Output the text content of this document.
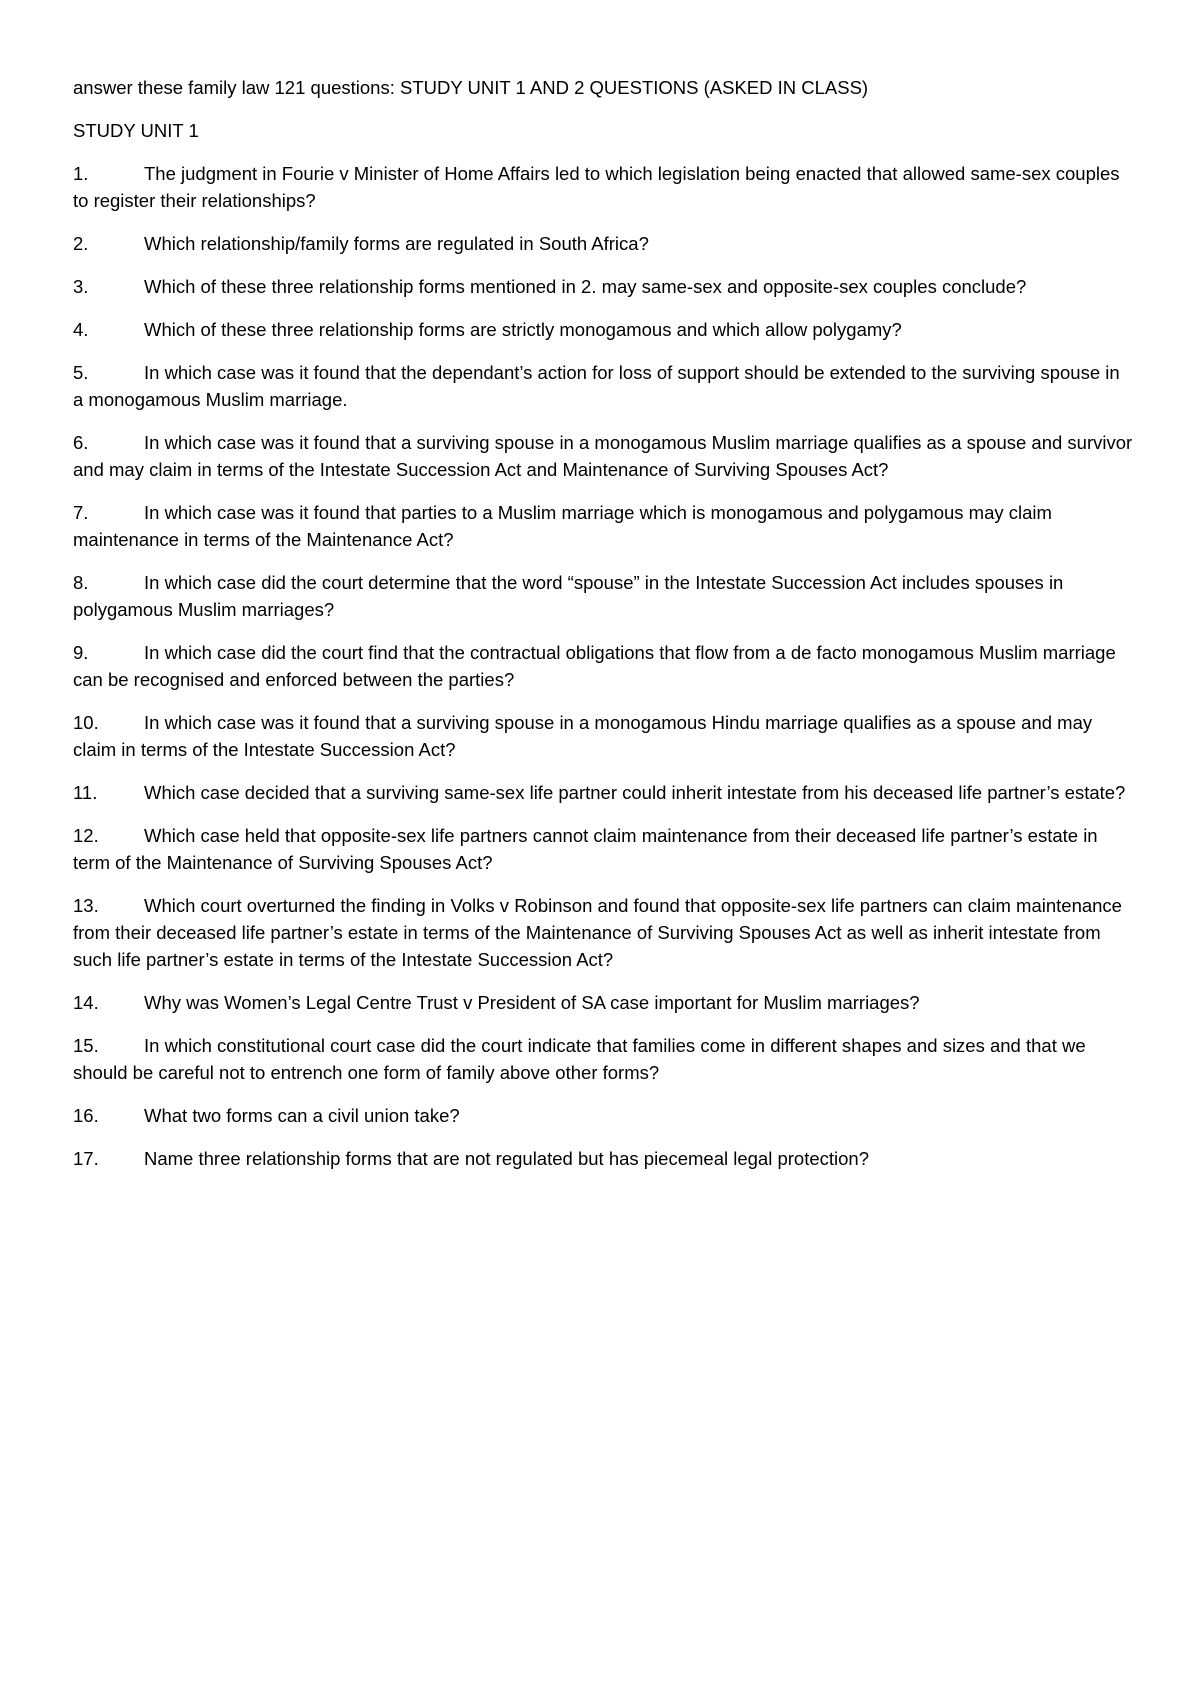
answer these family law 121 questions: STUDY UNIT 1 AND 2 QUESTIONS (ASKED IN CLASS)

STUDY UNIT 1

1.	The judgment in Fourie v Minister of Home Affairs led to which legislation being enacted that allowed same-sex couples to register their relationships?

2.	Which relationship/family forms are regulated in South Africa?

3.	Which of these three relationship forms mentioned in 2. may same-sex and opposite-sex couples conclude?

4.	Which of these three relationship forms are strictly monogamous and which allow polygamy?

5.	In which case was it found that the dependant’s action for loss of support should be extended to the surviving spouse in a monogamous Muslim marriage.

6.	In which case was it found that a surviving spouse in a monogamous Muslim marriage qualifies as a spouse and survivor and may claim in terms of the Intestate Succession Act and Maintenance of Surviving Spouses Act?

7.	In which case was it found that parties to a Muslim marriage which is monogamous and polygamous may claim maintenance in terms of the Maintenance Act?

8.	In which case did the court determine that the word “spouse” in the Intestate Succession Act includes spouses in polygamous Muslim marriages?

9.	In which case did the court find that the contractual obligations that flow from a de facto monogamous Muslim marriage can be recognised and enforced between the parties?

10. In which case was it found that a surviving spouse in a monogamous Hindu marriage qualifies as a spouse and may claim in terms of the Intestate Succession Act?

11.	Which case decided that a surviving same-sex life partner could inherit intestate from his deceased life partner’s estate?

12. Which case held that opposite-sex life partners cannot claim maintenance from their deceased life partner’s estate in term of the Maintenance of Surviving Spouses Act?

13. Which court overturned the finding in Volks v Robinson and found that opposite-sex life partners can claim maintenance from their deceased life partner’s estate in terms of the Maintenance of Surviving Spouses Act as well as inherit intestate from such life partner’s estate in terms of the Intestate Succession Act?

14. Why was Women’s Legal Centre Trust v President of SA case important for Muslim marriages?

15. In which constitutional court case did the court indicate that families come in different shapes and sizes and that we should be careful not to entrench one form of family above other forms?

16. What two forms can a civil union take?

17. Name three relationship forms that are not regulated but has piecemeal legal protection?
